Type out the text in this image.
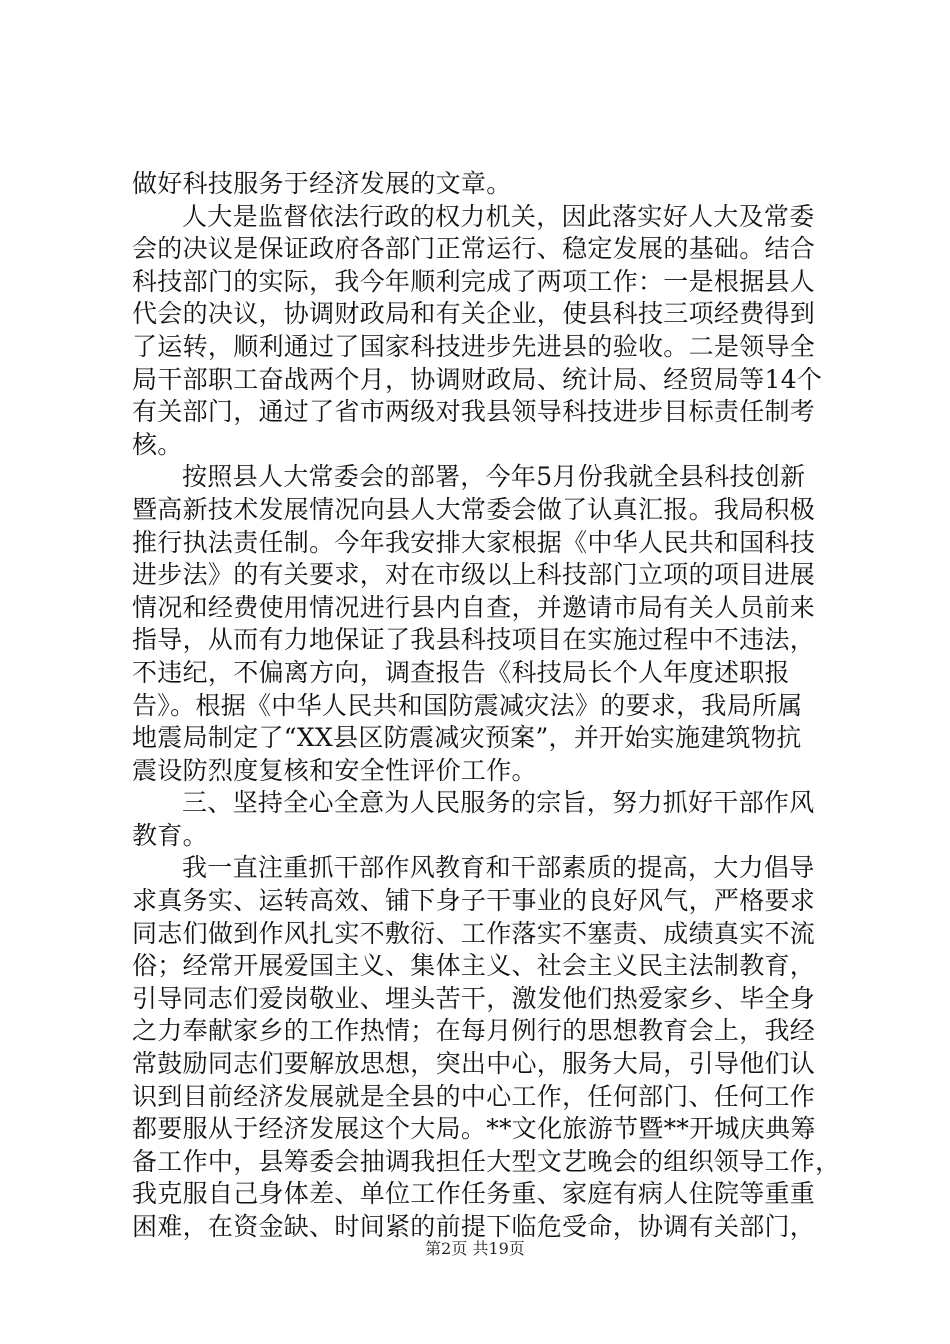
做好科技服务于经济发展的文章。
人大是监督依法行政的权力机关，因此落实好人大及常委
会的决议是保证政府各部门正常运行、稳定发展的基础。结合
科技部门的实际，我今年顺利完成了两项工作：一是根据县人
代会的决议，协调财政局和有关企业，使县科技三项经费得到
了运转，顺利通过了国家科技进步先进县的验收。二是领导全
局干部职工奋战两个月，协调财政局、统计局、经贸局等14个
有关部门，通过了省市两级对我县领导科技进步目标责任制考
核。
按照县人大常委会的部署，今年5月份我就全县科技创新
暨高新技术发展情况向县人大常委会做了认真汇报。我局积极
推行执法责任制。今年我安排大家根据《中华人民共和国科技
进步法》的有关要求，对在市级以上科技部门立项的项目进展
情况和经费使用情况进行县内自查，并邀请市局有关人员前来
指导，从而有力地保证了我县科技项目在实施过程中不违法，
不违纪，不偏离方向，调查报告《科技局长个人年度述职报
告》。根据《中华人民共和国防震减灾法》的要求，我局所属
地震局制定了“XX县区防震减灾预案”，并开始实施建筑物抗
震设防烈度复核和安全性评价工作。
三、坚持全心全意为人民服务的宗旨，努力抓好干部作风
教育。
我一直注重抓干部作风教育和干部素质的提高，大力倡导
求真务实、运转高效、铺下身子干事业的良好风气，严格要求
同志们做到作风扎实不敷衍、工作落实不塞责、成绩真实不流
俗；经常开展爱国主义、集体主义、社会主义民主法制教育，
引导同志们爱岗敬业、埋头苦干，激发他们热爱家乡、毕全身
之力奉献家乡的工作热情；在每月例行的思想教育会上，我经
常鼓励同志们要解放思想，突出中心，服务大局，引导他们认
识到目前经济发展就是全县的中心工作，任何部门、任何工作
都要服从于经济发展这个大局。**文化旅游节暨**开城庆典筹
备工作中，县筹委会抽调我担任大型文艺晚会的组织领导工作，
我克服自己身体差、单位工作任务重、家庭有病人住院等重重
困难，在资金缺、时间紧的前提下临危受命，协调有关部门，
第2页 共19页
